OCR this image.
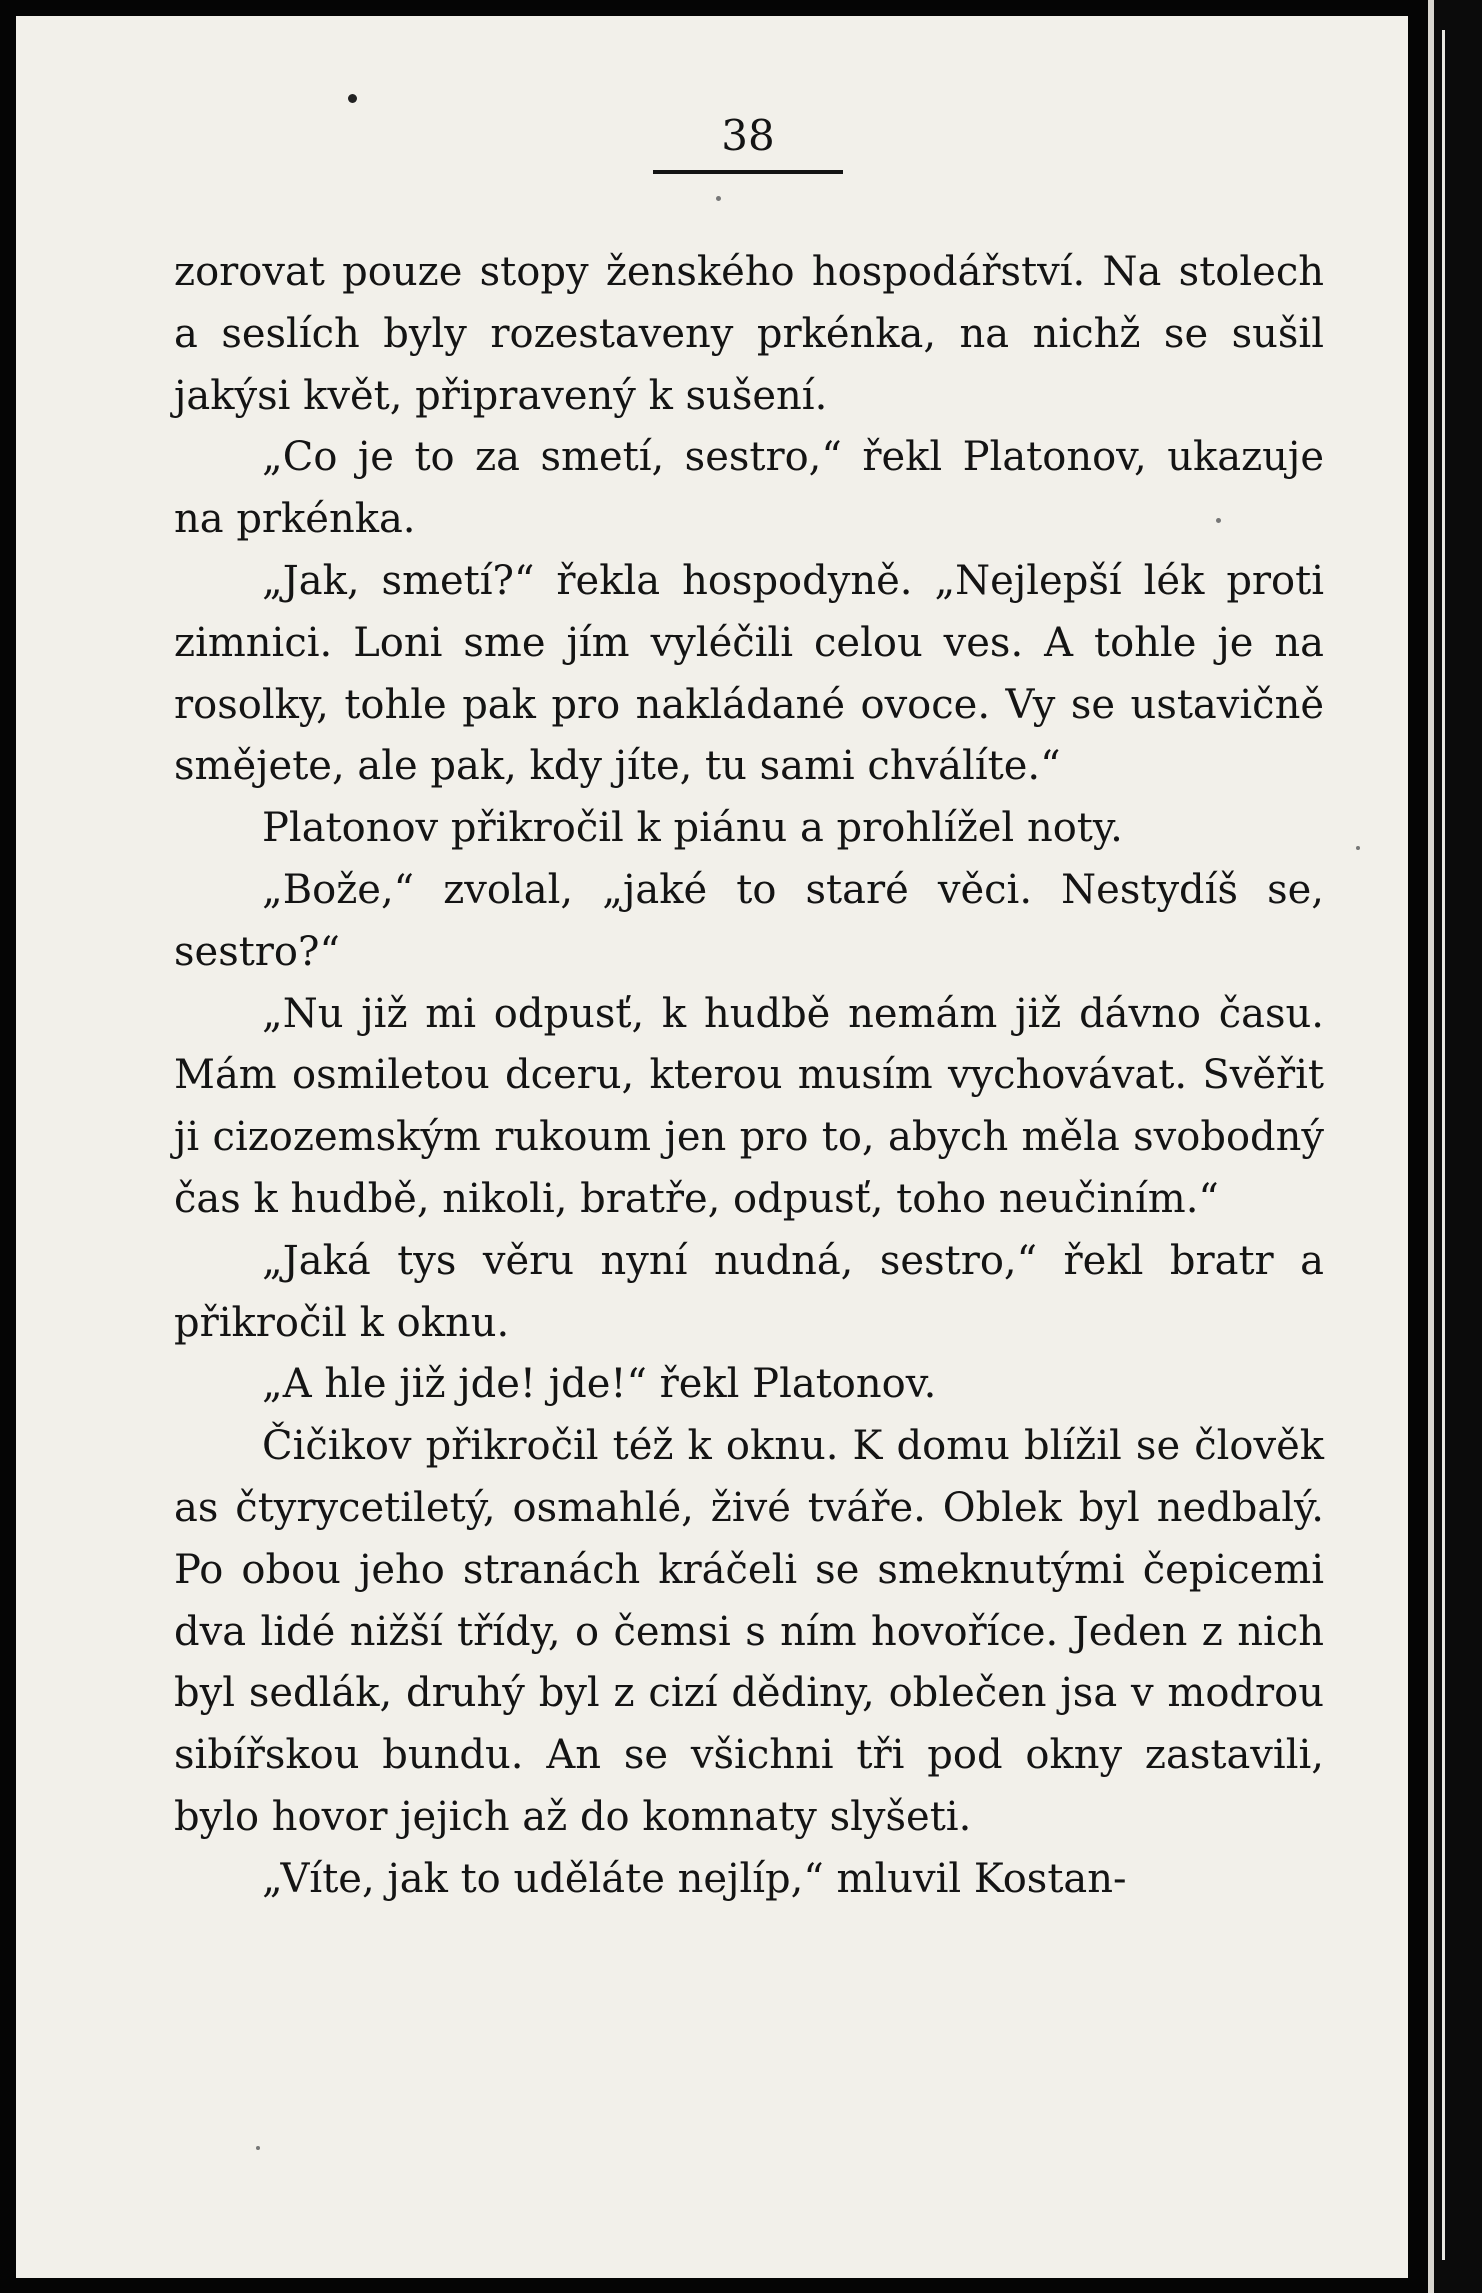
38

zorovat pouze stopy ženského hospodářství. Na stolech a seslích byly rozestaveny prkénka, na nichž se sušil jakýsi květ, připravený k sušení.

„Co je to za smetí, sestro,“ řekl Platonov, ukazuje na prkénka.

„Jak, smetí?“ řekla hospodyně. „Nejlepší lék proti zimnici. Loni sme jím vyléčili celou ves. A tohle je na rosolky, tohle pak pro nakládané ovoce. Vy se ustavičně smějete, ale pak, kdy jíte, tu sami chválíte.“

Platonov přikročil k piánu a prohlížel noty.

„Bože,“ zvolal, „jaké to staré věci. Nestydíš se, sestro?“

„Nu již mi odpusť, k hudbě nemám již dávno času. Mám osmiletou dceru, kterou musím vychovávat. Svěřit ji cizozemským rukoum jen pro to, abych měla svobodný čas k hudbě, nikoli, bratře, odpusť, toho neučiním.“

„Jaká tys věru nyní nudná, sestro,“ řekl bratr a přikročil k oknu.

„A hle již jde! jde!“ řekl Platonov.

Čičikov přikročil též k oknu. K domu blížil se člověk as čtyrycetiletý, osmahlé, živé tváře. Oblek byl nedbalý. Po obou jeho stranách kráčeli se smeknutými čepicemi dva lidé nižší třídy, o čemsi s ním hovoříce. Jeden z nich byl sedlák, druhý byl z cizí dědiny, oblečen jsa v modrou sibířskou bundu. An se všichni tři pod okny zastavili, bylo hovor jejich až do komnaty slyšeti.

„Víte, jak to uděláte nejlíp,“ mluvil Kostan-
